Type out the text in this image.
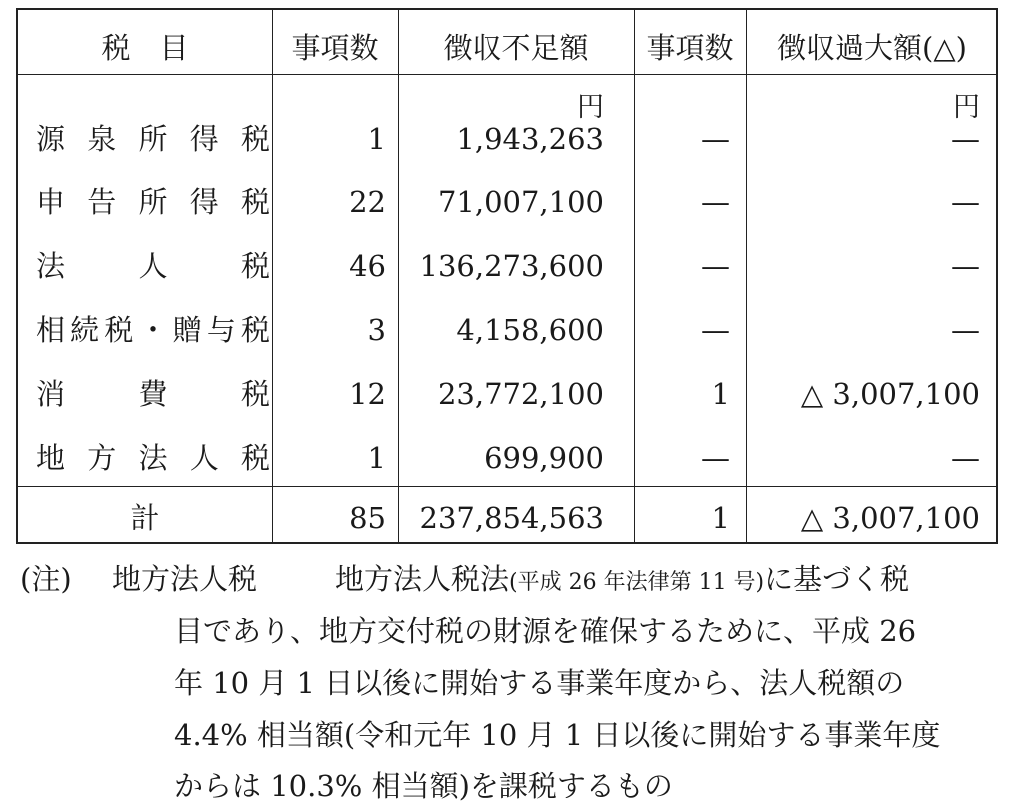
税　目	事項数	徴収不足額	事項数	徴収過大額(△)
円	円
源泉所得税	1	1,943,263	—	—
申告所得税	22	71,007,100	—	—
法人税	46	136,273,600	—	—
相続税・贈与税	3	4,158,600	—	—
消費税	12	23,772,100	1	△ 3,007,100
地方法人税	1	699,900	—	—
計	85	237,854,563	1	△ 3,007,100
(注) 地方法人税	地方法人税法(平成 26 年法律第 11 号)に基づく税
目であり、地方交付税の財源を確保するために、平成 26
年 10 月 1 日以後に開始する事業年度から、法人税額の
4.4% 相当額(令和元年 10 月 1 日以後に開始する事業年度
からは 10.3% 相当額)を課税するもの
